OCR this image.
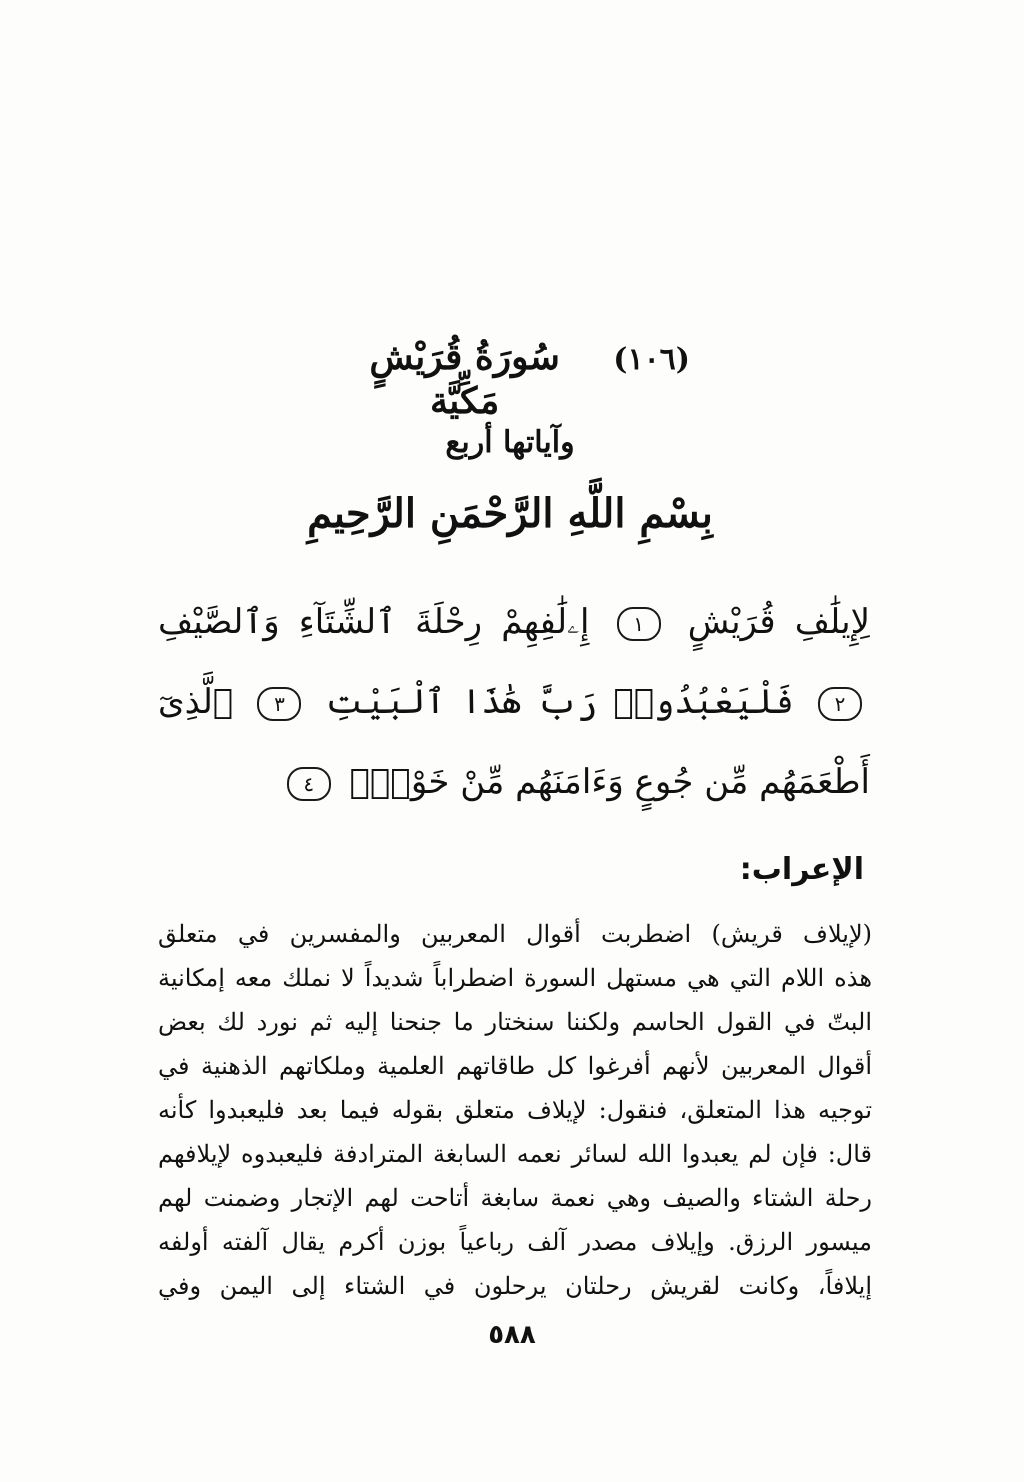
(١٠٦)
سُورَةُ قُرَيْشٍ مَكِّيَّة
وآياتها أربع
بِسْمِ اللَّهِ الرَّحْمَنِ الرَّحِيمِ
لِإِيلَٰفِ قُرَيْشٍ ١ إِۦلَٰفِهِمْ رِحْلَةَ ٱلشِّتَآءِ وَٱلصَّيْفِ ٢ فَلْيَعْبُدُوا۟ رَبَّ هَٰذَا ٱلْبَيْتِ ٣ ٱلَّذِىٓ أَطْعَمَهُم مِّن جُوعٍ وَءَامَنَهُم مِّنْ خَوْفٍۭ ٤
الإعراب:
(لإيلاف قريش) اضطربت أقوال المعربين والمفسرين في متعلق
هذه اللام التي هي مستهل السورة اضطراباً شديداً لا نملك معه إمكانية
البتّ في القول الحاسم ولكننا سنختار ما جنحنا إليه ثم نورد لك بعض
أقوال المعربين لأنهم أفرغوا كل طاقاتهم العلمية وملكاتهم الذهنية في
توجيه هذا المتعلق، فنقول: لإيلاف متعلق بقوله فيما بعد فليعبدوا كأنه
قال: فإن لم يعبدوا الله لسائر نعمه السابغة المترادفة فليعبدوه لإيلافهم
رحلة الشتاء والصيف وهي نعمة سابغة أتاحت لهم الإتجار وضمنت لهم
ميسور الرزق. وإيلاف مصدر آلف رباعياً بوزن أكرم يقال آلفته أولفه
إيلافاً، وكانت لقريش رحلتان يرحلون في الشتاء إلى اليمن وفي
٥٨٨
